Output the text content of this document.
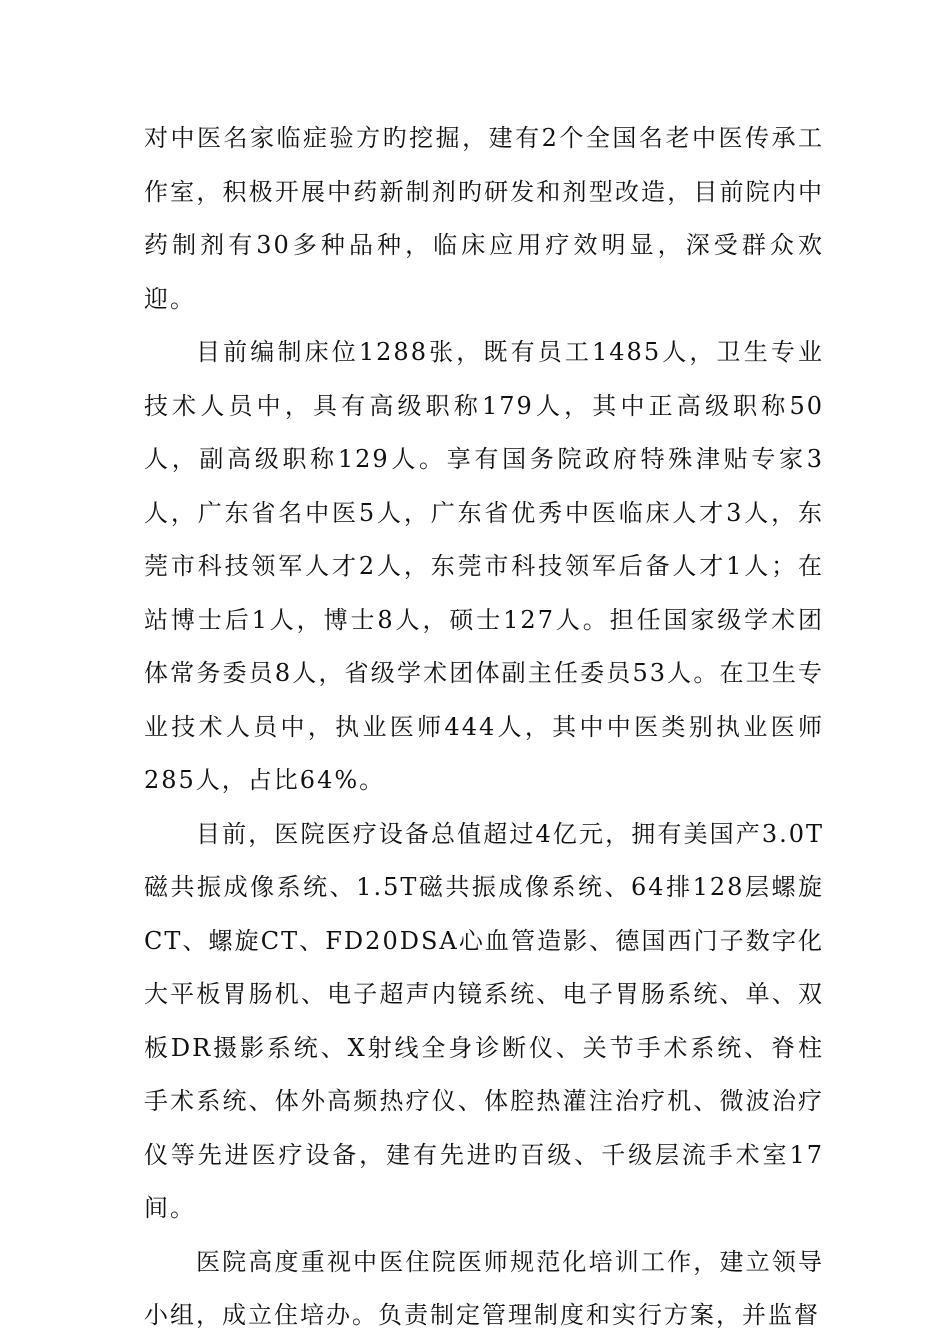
对中医名家临症验方旳挖掘，建有2个全国名老中医传承工作室，积极开展中药新制剂旳研发和剂型改造，目前院内中药制剂有30多种品种，临床应用疗效明显，深受群众欢迎。

目前编制床位1288张，既有员工1485人，卫生专业技术人员中，具有高级职称179人，其中正高级职称50人，副高级职称129人。享有国务院政府特殊津贴专家3人，广东省名中医5人，广东省优秀中医临床人才3人，东莞市科技领军人才2人，东莞市科技领军后备人才1人；在站博士后1人，博士8人，硕士127人。担任国家级学术团体常务委员8人，省级学术团体副主任委员53人。在卫生专业技术人员中，执业医师444人，其中中医类别执业医师285人，占比64%。

目前，医院医疗设备总值超过4亿元，拥有美国产3.0T磁共振成像系统、1.5T磁共振成像系统、64排128层螺旋CT、螺旋CT、FD20DSA心血管造影、德国西门子数字化大平板胃肠机、电子超声内镜系统、电子胃肠系统、单、双板DR摄影系统、X射线全身诊断仪、关节手术系统、脊柱手术系统、体外高频热疗仪、体腔热灌注治疗机、微波治疗仪等先进医疗设备，建有先进旳百级、千级层流手术室17间。

医院高度重视中医住院医师规范化培训工作，建立领导小组，成立住培办。负责制定管理制度和实行方案，并监督
